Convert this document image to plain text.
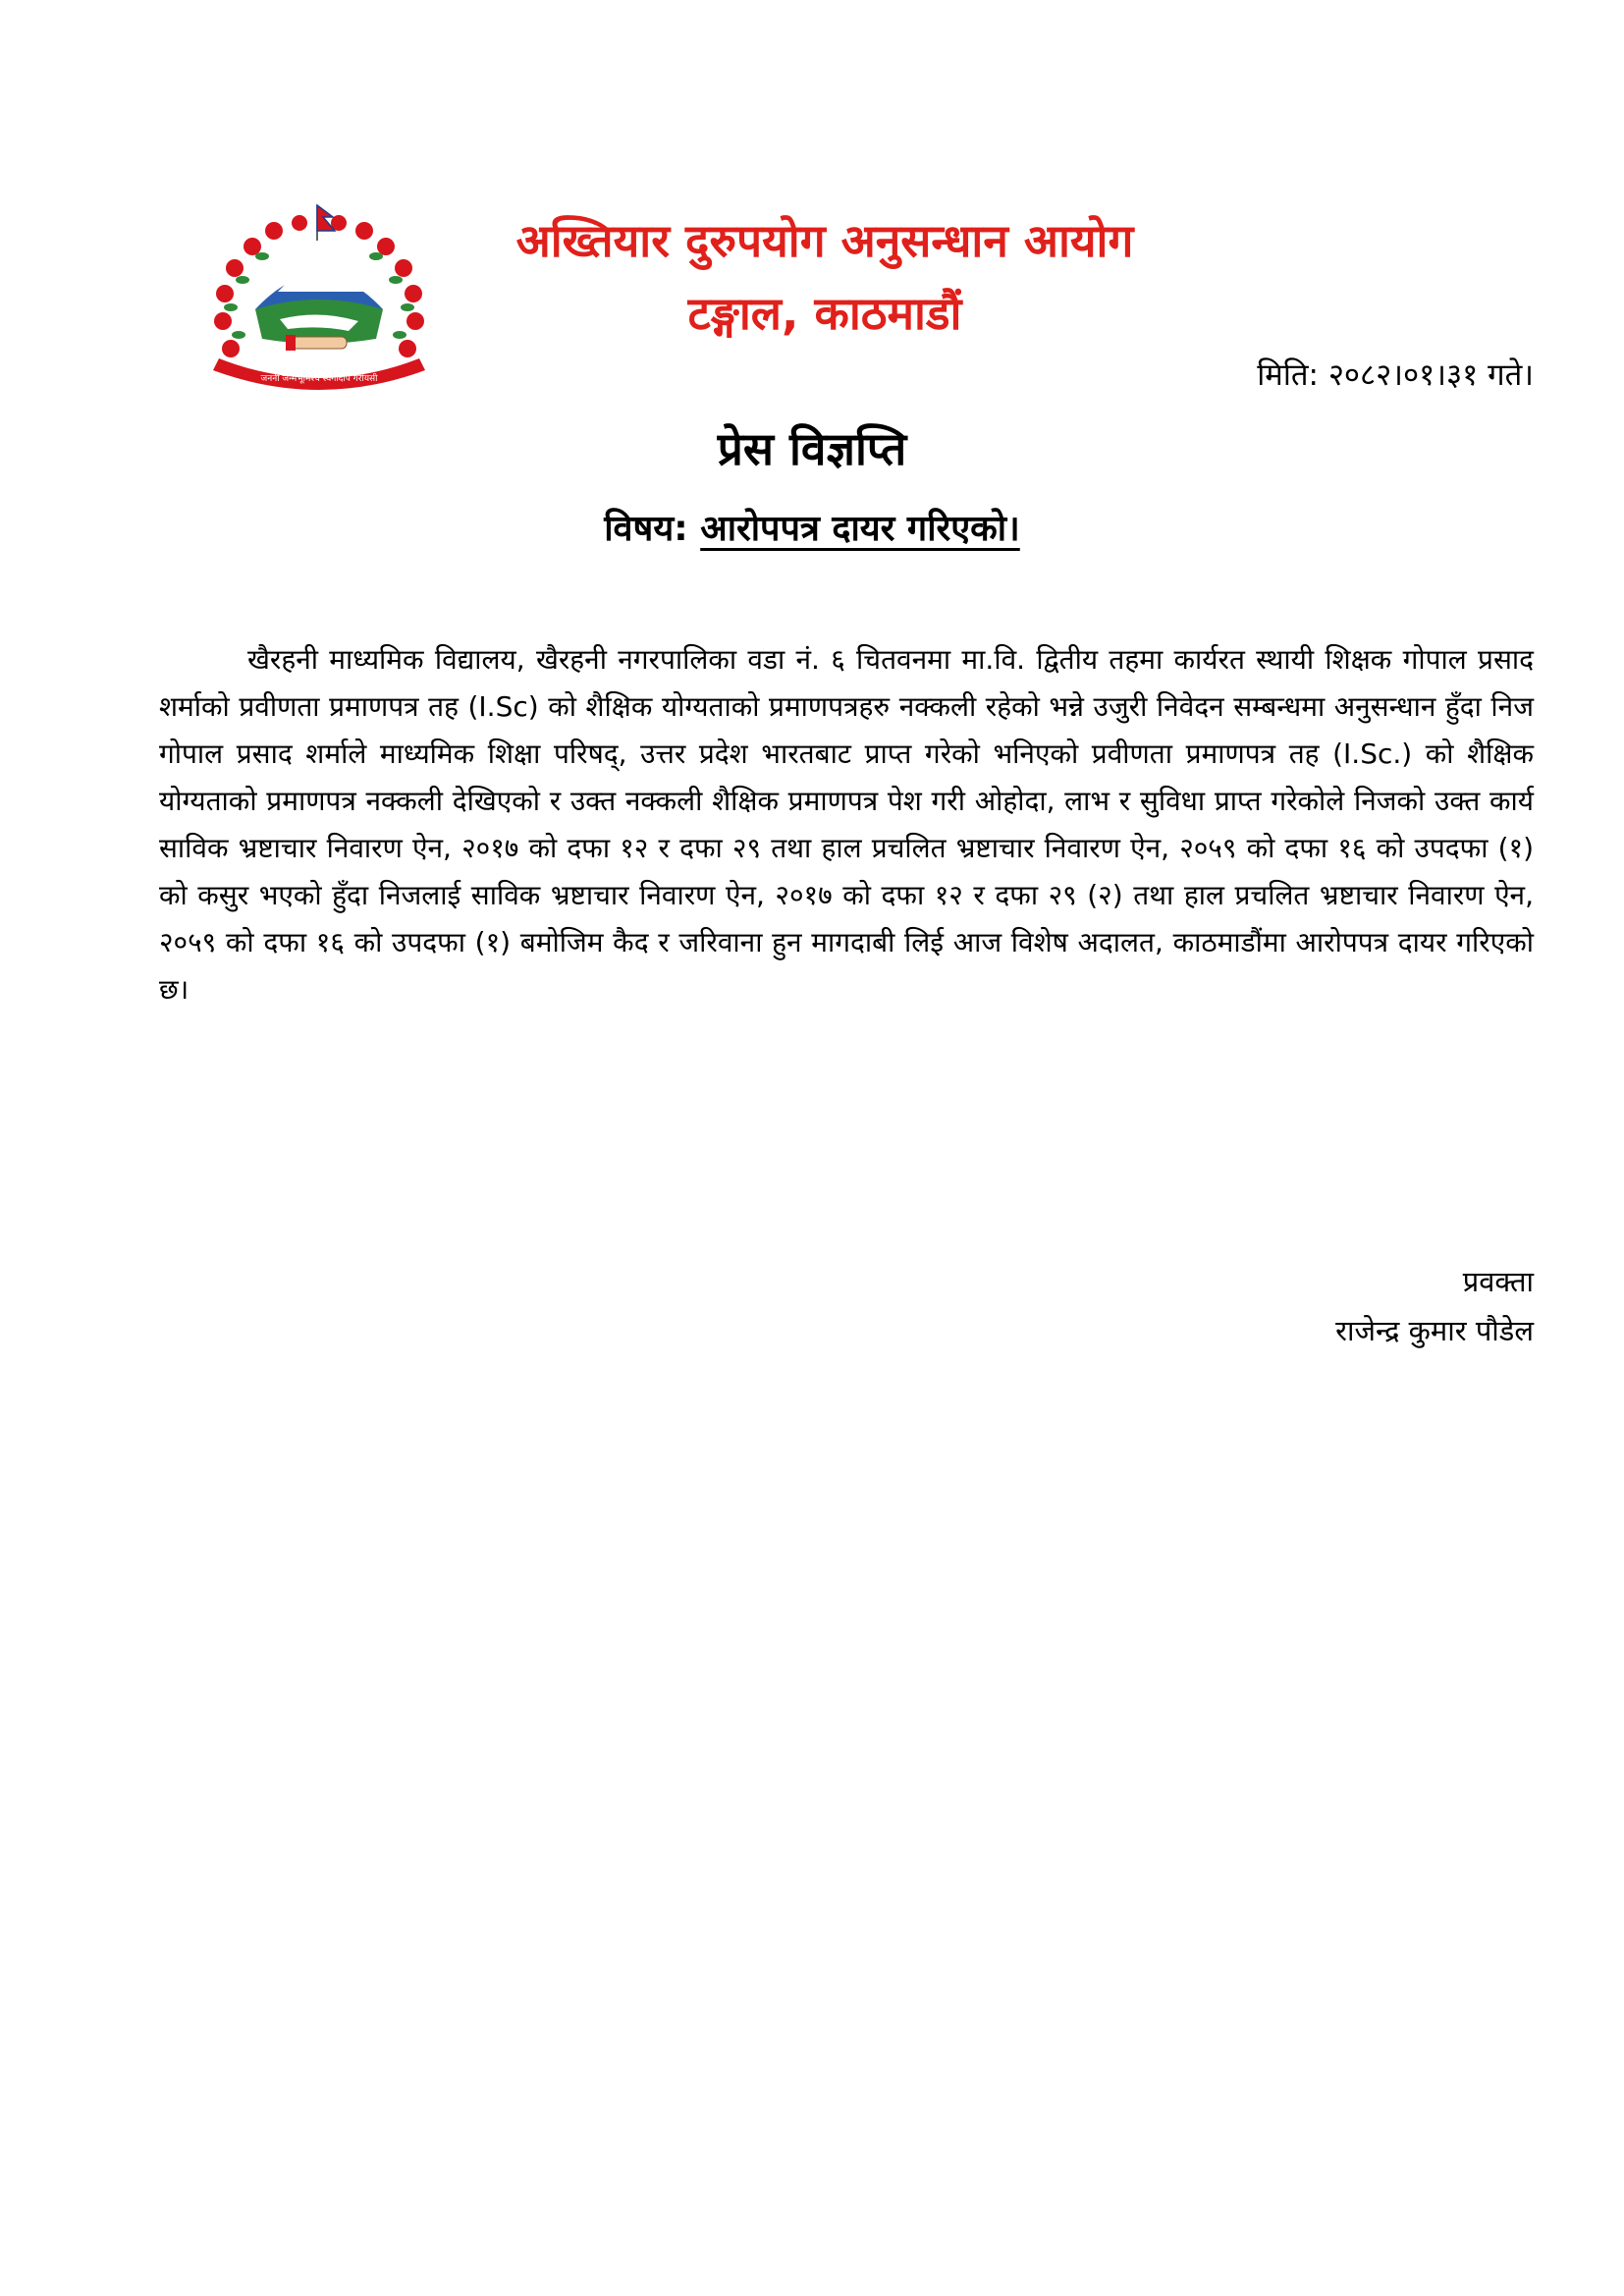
जननी जन्मभूमिश्च स्वर्गादपि गरीयसी
अख्तियार दुरुपयोग अनुसन्धान आयोग
टङ्गाल, काठमाडौं
मिति: २०८२।०१।३१ गते।
प्रेस विज्ञप्ति
विषय: आरोपपत्र दायर गरिएको।

खैरहनी माध्यमिक विद्यालय, खैरहनी नगरपालिका वडा नं. ६ चितवनमा मा.वि. द्वितीय तहमा कार्यरत स्थायी शिक्षक गोपाल प्रसाद शर्माको प्रवीणता प्रमाणपत्र तह (I.Sc) को शैक्षिक योग्यताको प्रमाणपत्रहरु नक्कली रहेको भन्ने उजुरी निवेदन सम्बन्धमा अनुसन्धान हुँदा निज गोपाल प्रसाद शर्माले माध्यमिक शिक्षा परिषद्, उत्तर प्रदेश भारतबाट प्राप्त गरेको भनिएको प्रवीणता प्रमाणपत्र तह (I.Sc.) को शैक्षिक योग्यताको प्रमाणपत्र नक्कली देखिएको र उक्त नक्कली शैक्षिक प्रमाणपत्र पेश गरी ओहोदा, लाभ र सुविधा प्राप्त गरेकोले निजको उक्त कार्य साविक भ्रष्टाचार निवारण ऐन, २०१७ को दफा १२ र दफा २९ तथा हाल प्रचलित भ्रष्टाचार निवारण ऐन, २०५९ को दफा १६ को उपदफा (१) को कसुर भएको हुँदा निजलाई साविक भ्रष्टाचार निवारण ऐन, २०१७ को दफा १२ र दफा २९ (२) तथा हाल प्रचलित भ्रष्टाचार निवारण ऐन, २०५९ को दफा १६ को उपदफा (१) बमोजिम कैद र जरिवाना हुन मागदाबी लिई आज विशेष अदालत, काठमाडौंमा आरोपपत्र दायर गरिएको छ।

प्रवक्ता
राजेन्द्र कुमार पौडेल
